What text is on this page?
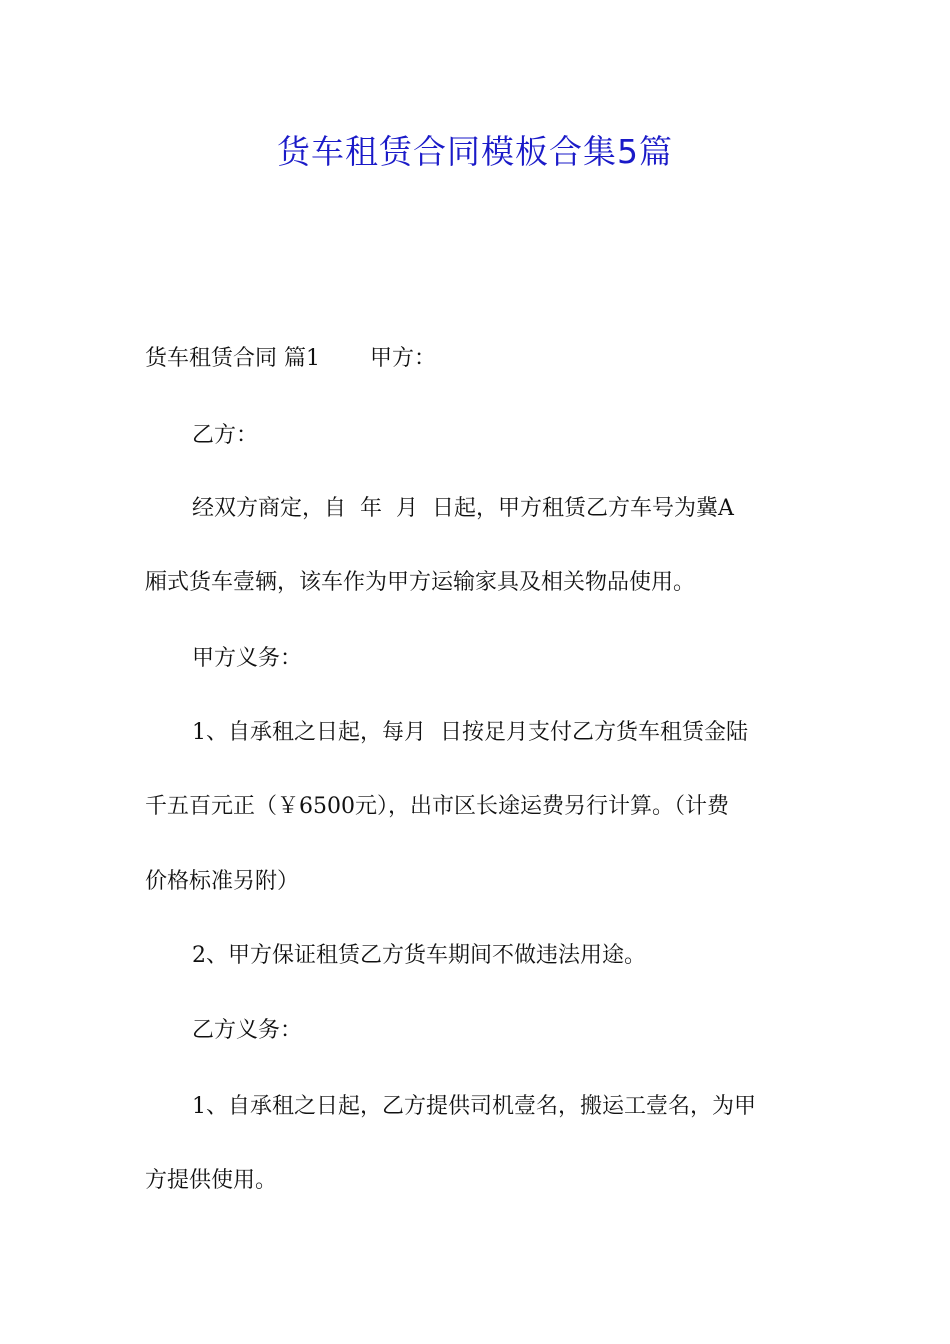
货车租赁合同模板合集5篇
货车租赁合同 篇1 甲方：
乙方：
经双方商定，自  年  月  日起，甲方租赁乙方车号为冀A
厢式货车壹辆，该车作为甲方运输家具及相关物品使用。
甲方义务：
1、自承租之日起，每月  日按足月支付乙方货车租赁金陆
千五百元正（￥6500元），出市区长途运费另行计算。（计费
价格标准另附）
2、甲方保证租赁乙方货车期间不做违法用途。
乙方义务：
1、自承租之日起，乙方提供司机壹名，搬运工壹名，为甲
方提供使用。
